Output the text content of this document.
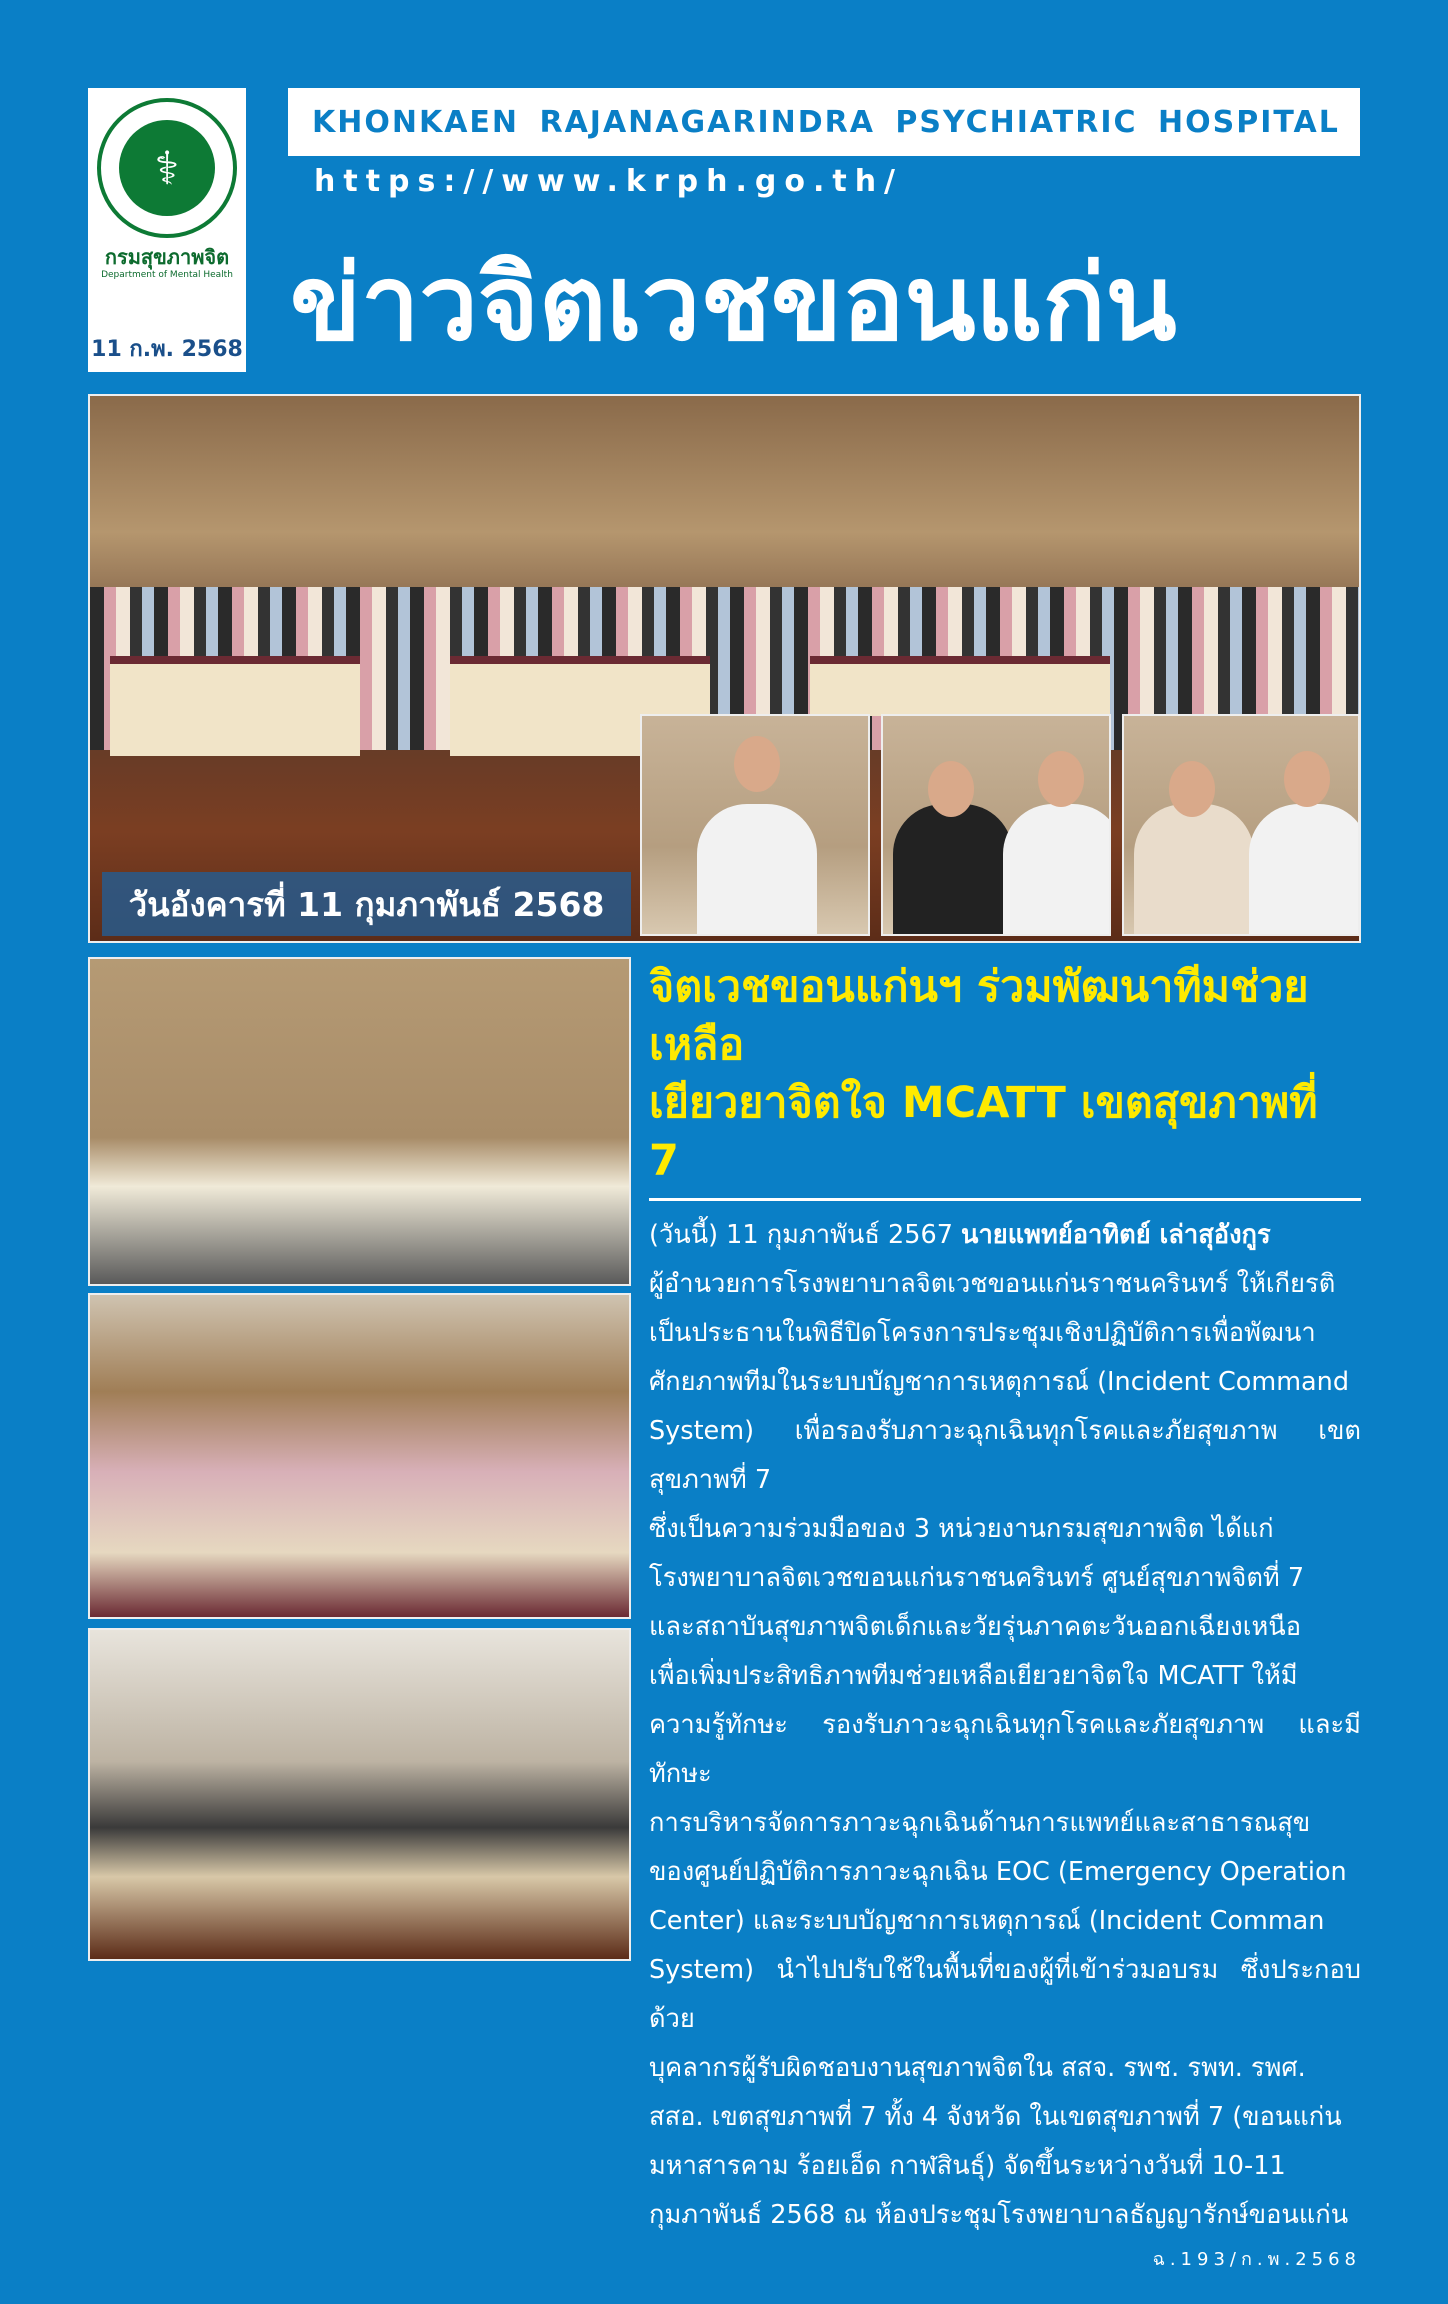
⚕
กรมสุขภาพจิต
Department of Mental Health
11 ก.พ. 2568
KHONKAEN RAJANAGARINDRA PSYCHIATRIC HOSPITAL
https://www.krph.go.th/
ข่าวจิตเวชขอนแก่น
วันอังคารที่ 11 กุมภาพันธ์ 2568
จิตเวชขอนแก่นฯ ร่วมพัฒนาทีมช่วยเหลือ
เยียวยาจิตใจ MCATT เขตสุขภาพที่ 7
(วันนี้) 11 กุมภาพันธ์ 2567 นายแพทย์อาทิตย์ เล่าสุอังกูร
ผู้อำนวยการโรงพยาบาลจิตเวชขอนแก่นราชนครินทร์ ให้เกียรติ
เป็นประธานในพิธีปิดโครงการประชุมเชิงปฏิบัติการเพื่อพัฒนา
ศักยภาพทีมในระบบบัญชาการเหตุการณ์ (Incident Command
System) เพื่อรองรับภาวะฉุกเฉินทุกโรคและภัยสุขภาพ เขตสุขภาพที่ 7
ซึ่งเป็นความร่วมมือของ 3 หน่วยงานกรมสุขภาพจิต ได้แก่
โรงพยาบาลจิตเวชขอนแก่นราชนครินทร์ ศูนย์สุขภาพจิตที่ 7
และสถาบันสุขภาพจิตเด็กและวัยรุ่นภาคตะวันออกเฉียงเหนือ
เพื่อเพิ่มประสิทธิภาพทีมช่วยเหลือเยียวยาจิตใจ MCATT ให้มี
ความรู้ทักษะ รองรับภาวะฉุกเฉินทุกโรคและภัยสุขภาพ และมีทักษะ
การบริหารจัดการภาวะฉุกเฉินด้านการแพทย์และสาธารณสุข
ของศูนย์ปฏิบัติการภาวะฉุกเฉิน EOC (Emergency Operation
Center) และระบบบัญชาการเหตุการณ์ (Incident Comman
System) นำไปปรับใช้ในพื้นที่ของผู้ที่เข้าร่วมอบรม ซึ่งประกอบด้วย
บุคลากรผู้รับผิดชอบงานสุขภาพจิตใน สสจ. รพช. รพท. รพศ.
สสอ. เขตสุขภาพที่ 7 ทั้ง 4 จังหวัด ในเขตสุขภาพที่ 7 (ขอนแก่น
มหาสารคาม ร้อยเอ็ด กาฬสินธุ์) จัดขึ้นระหว่างวันที่ 10-11
กุมภาพันธ์ 2568 ณ ห้องประชุมโรงพยาบาลธัญญารักษ์ขอนแก่น
ฉ.193/ก.พ.2568
